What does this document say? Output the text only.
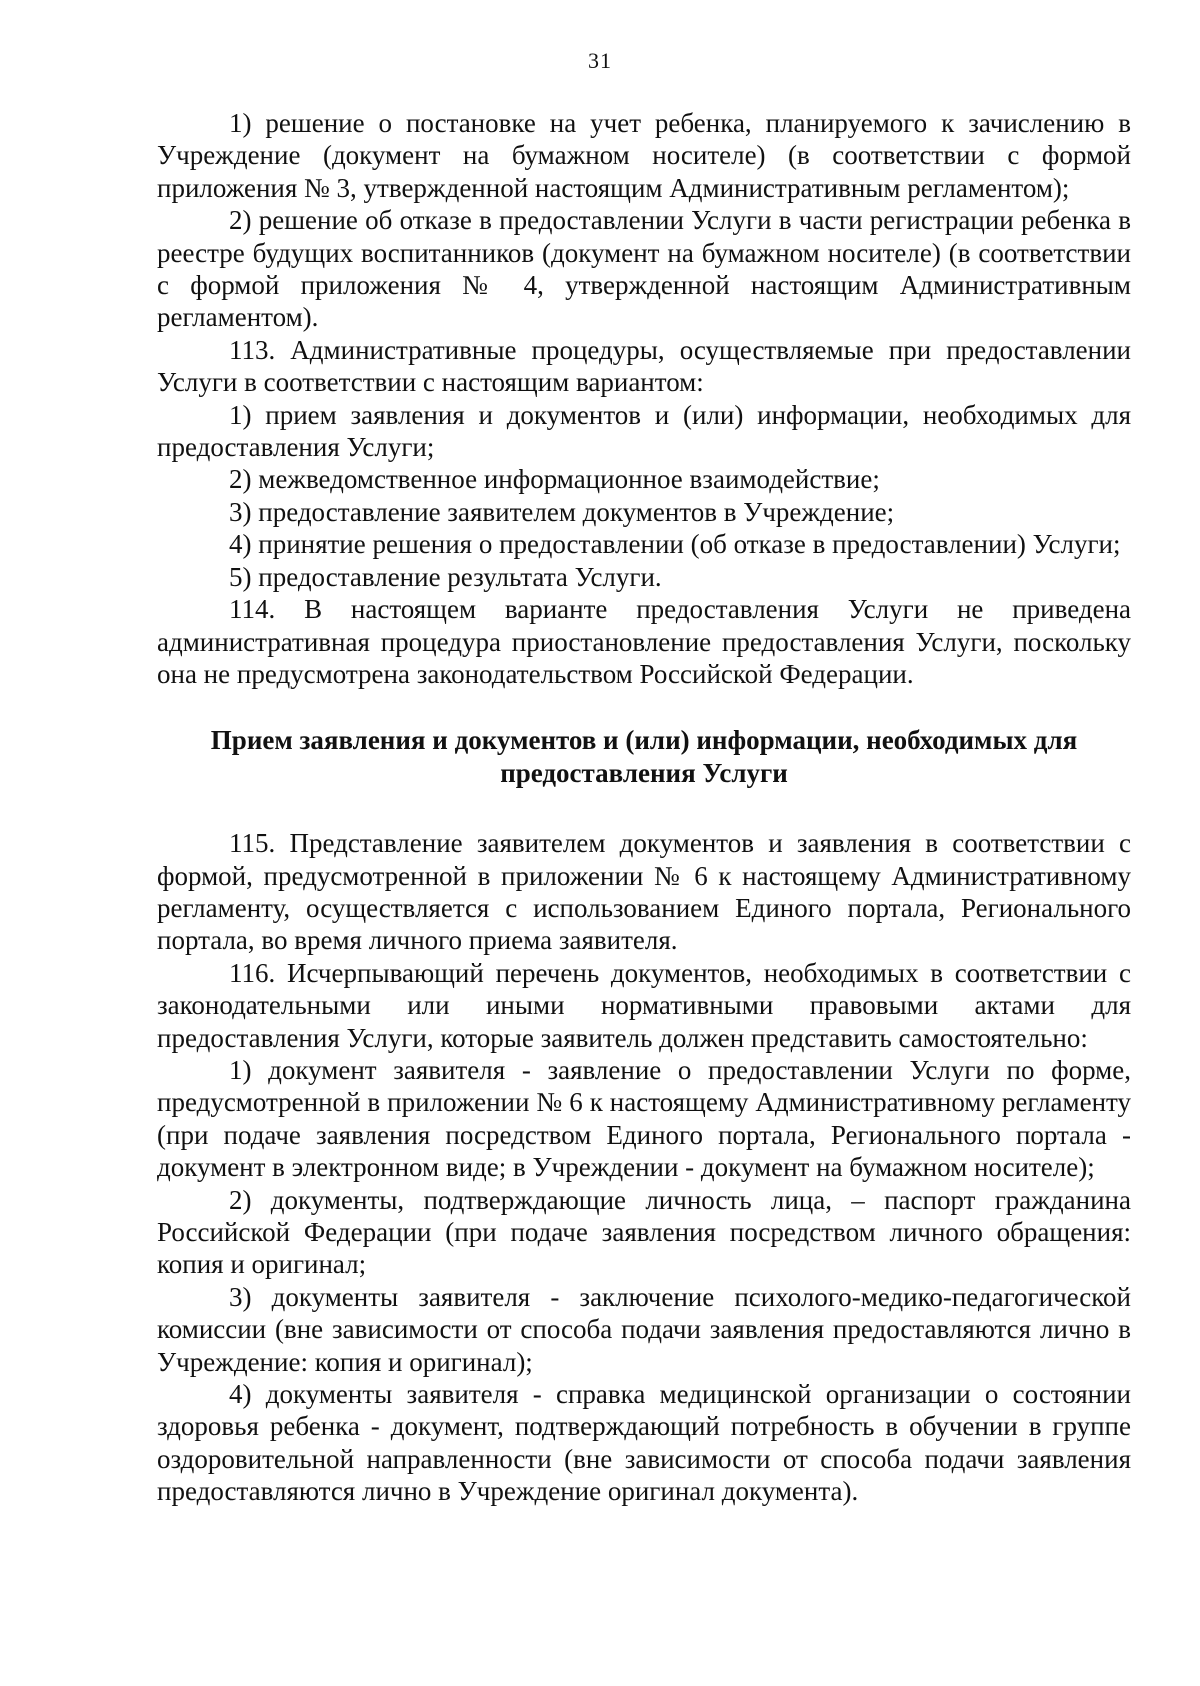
31

1) решение о постановке на учет ребенка, планируемого к зачислению в Учреждение (документ на бумажном носителе) (в соответствии с формой приложения № 3, утвержденной настоящим Административным регламентом);

2) решение об отказе в предоставлении Услуги в части регистрации ребенка в реестре будущих воспитанников (документ на бумажном носителе) (в соответствии с формой приложения № 4, утвержденной настоящим Административным регламентом).

113. Административные процедуры, осуществляемые при предоставлении Услуги в соответствии с настоящим вариантом:

1) прием заявления и документов и (или) информации, необходимых для предоставления Услуги;

2) межведомственное информационное взаимодействие;

3) предоставление заявителем документов в Учреждение;

4) принятие решения о предоставлении (об отказе в предоставлении) Услуги;

5) предоставление результата Услуги.

114. В настоящем варианте предоставления Услуги не приведена административная процедура приостановление предоставления Услуги, поскольку она не предусмотрена законодательством Российской Федерации.

Прием заявления и документов и (или) информации, необходимых для

предоставления Услуги

115. Представление заявителем документов и заявления в соответствии с формой, предусмотренной в приложении № 6 к настоящему Административному регламенту, осуществляется с использованием Единого портала, Регионального портала, во время личного приема заявителя.

116. Исчерпывающий перечень документов, необходимых в соответствии с законодательными или иными нормативными правовыми актами для предоставления Услуги, которые заявитель должен представить самостоятельно:

1) документ заявителя - заявление о предоставлении Услуги по форме, предусмотренной в приложении № 6 к настоящему Административному регламенту (при подаче заявления посредством Единого портала, Регионального портала - документ в электронном виде; в Учреждении - документ на бумажном носителе);

2) документы, подтверждающие личность лица, – паспорт гражданина Российской Федерации (при подаче заявления посредством личного обращения: копия и оригинал;

3) документы заявителя - заключение психолого-медико-педагогической комиссии (вне зависимости от способа подачи заявления предоставляются лично в Учреждение: копия и оригинал);

4) документы заявителя - справка медицинской организации о состоянии здоровья ребенка - документ, подтверждающий потребность в обучении в группе оздоровительной направленности (вне зависимости от способа подачи заявления предоставляются лично в Учреждение оригинал документа).
